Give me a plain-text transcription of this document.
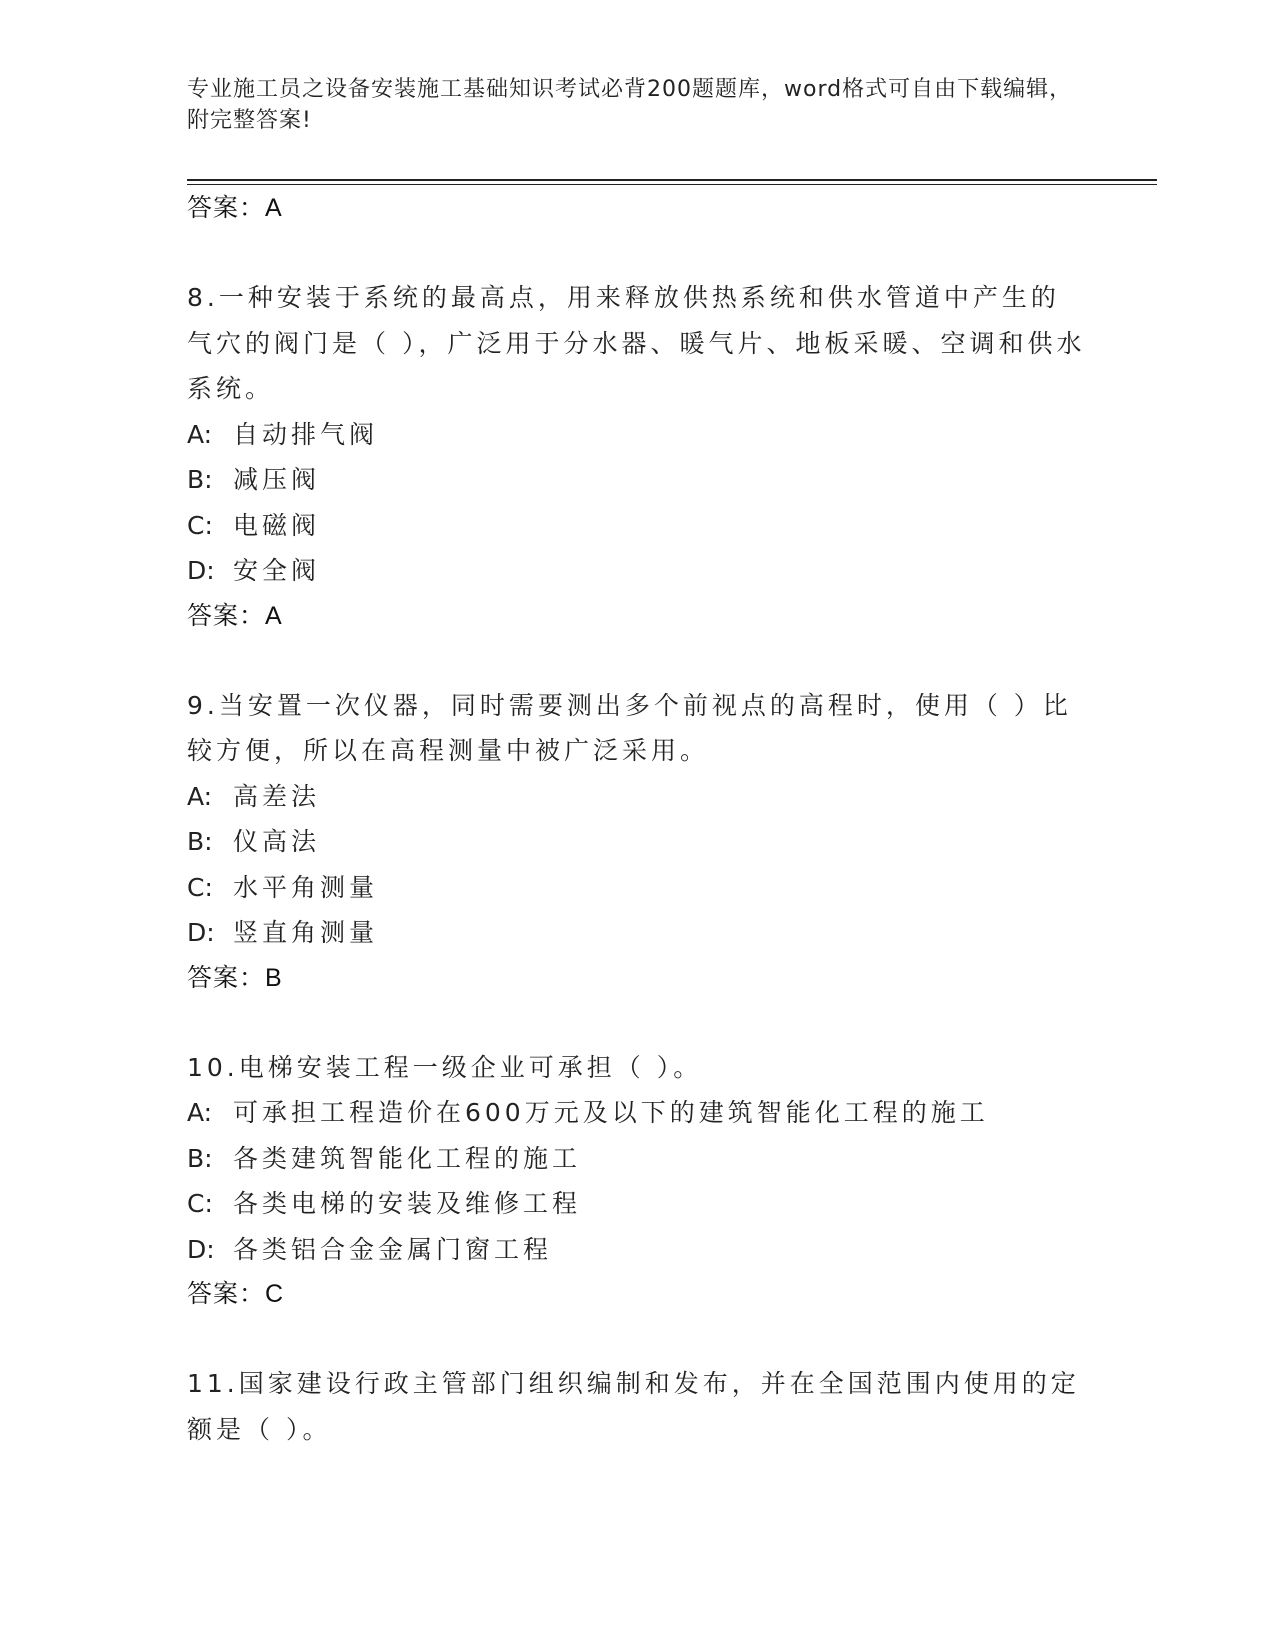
专业施工员之设备安装施工基础知识考试必背200题题库，word格式可自由下载编辑，附完整答案!
答案：A
8.一种安装于系统的最高点，用来释放供热系统和供水管道中产生的气穴的阀门是（ ），广泛用于分水器、暖气片、地板采暖、空调和供水系统。
A: 自动排气阀
B: 减压阀
C: 电磁阀
D: 安全阀
答案：A
9.当安置一次仪器，同时需要测出多个前视点的高程时，使用（ ）比较方便，所以在高程测量中被广泛采用。
A: 高差法
B: 仪高法
C: 水平角测量
D: 竖直角测量
答案：B
10.电梯安装工程一级企业可承担（ ）。
A: 可承担工程造价在600万元及以下的建筑智能化工程的施工
B: 各类建筑智能化工程的施工
C: 各类电梯的安装及维修工程
D: 各类铝合金金属门窗工程
答案：C
11.国家建设行政主管部门组织编制和发布，并在全国范围内使用的定额是（ ）。
